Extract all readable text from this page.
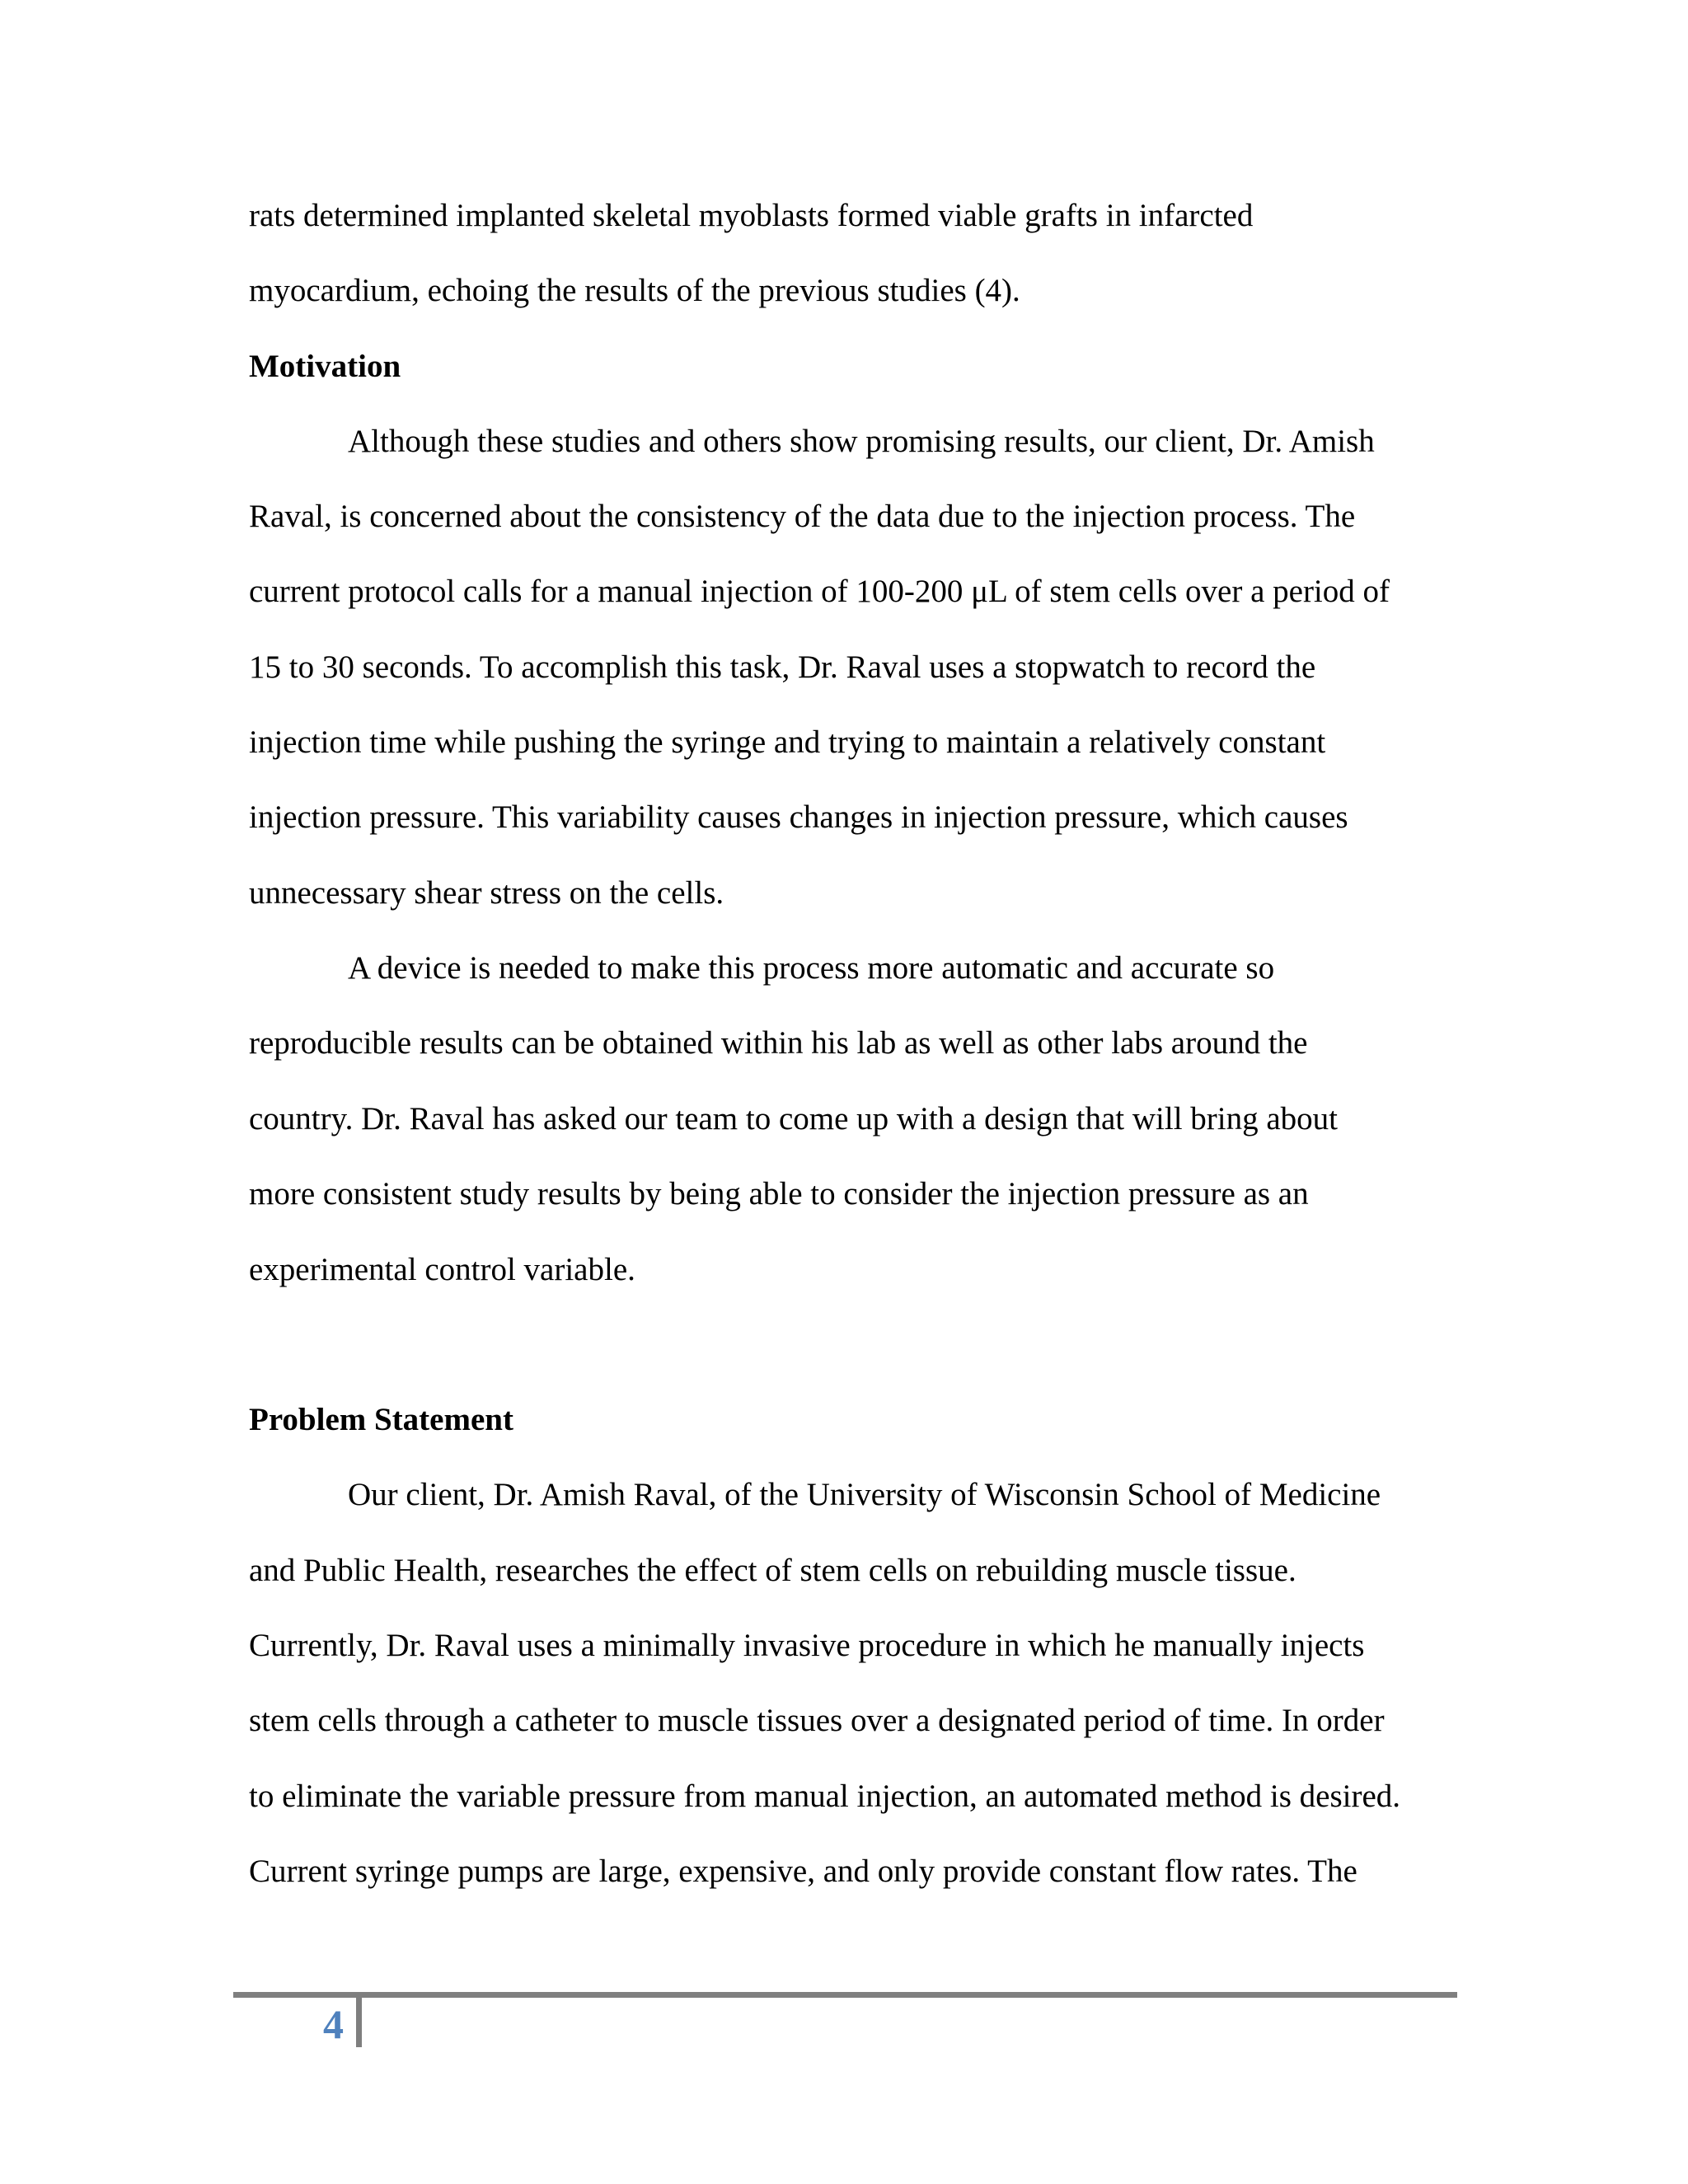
rats determined implanted skeletal myoblasts formed viable grafts in infarcted
myocardium, echoing the results of the previous studies (4).
Motivation
Although these studies and others show promising results, our client, Dr. Amish
Raval, is concerned about the consistency of the data due to the injection process. The
current protocol calls for a manual injection of 100-200 μL of stem cells over a period of
15 to 30 seconds. To accomplish this task, Dr. Raval uses a stopwatch to record the
injection time while pushing the syringe and trying to maintain a relatively constant
injection pressure. This variability causes changes in injection pressure, which causes
unnecessary shear stress on the cells.
A device is needed to make this process more automatic and accurate so
reproducible results can be obtained within his lab as well as other labs around the
country. Dr. Raval has asked our team to come up with a design that will bring about
more consistent study results by being able to consider the injection pressure as an
experimental control variable.
Problem Statement
Our client, Dr. Amish Raval, of the University of Wisconsin School of Medicine
and Public Health, researches the effect of stem cells on rebuilding muscle tissue.
Currently, Dr. Raval uses a minimally invasive procedure in which he manually injects
stem cells through a catheter to muscle tissues over a designated period of time. In order
to eliminate the variable pressure from manual injection, an automated method is desired.
Current syringe pumps are large, expensive, and only provide constant flow rates. The
4
